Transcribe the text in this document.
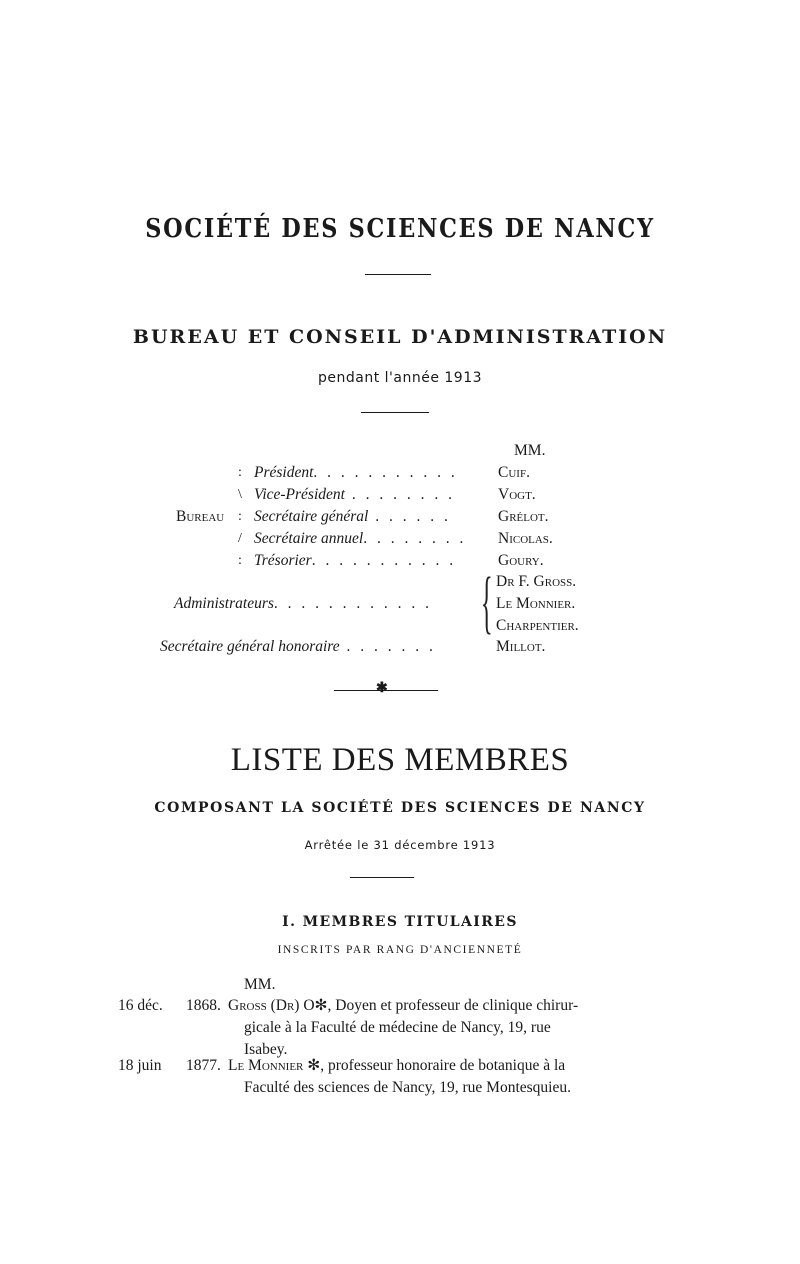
SOCIÉTÉ DES SCIENCES DE NANCY
BUREAU ET CONSEIL D'ADMINISTRATION
pendant l'année 1913
MM.
Bureau
:
\
:
/
:
Président. . . . . . . . . . .	Cuif.
Vice-Président . . . . . . . .	Vogt.
Secrétaire général . . . . . .	Grélot.
Secrétaire annuel. . . . . . . . Nicolas.
Trésorier. . . . . . . . . . .	Goury.
Administrateurs. . . . . . . . . . . . { Dr F. Gross.
Le Monnier.
Charpentier.
Secrétaire général honoraire . . . . . . .	Millot.
✱
LISTE DES MEMBRES
COMPOSANT LA SOCIÉTÉ DES SCIENCES DE NANCY
Arrêtée le 31 décembre 1913
I. MEMBRES TITULAIRES
INSCRITS PAR RANG D'ANCIENNETÉ
MM.
16 déc. 1868. Gross (Dr) O✻, Doyen et professeur de clinique chirur-
gicale à la Faculté de médecine de Nancy, 19, rue
Isabey.
18 juin 1877. Le Monnier ✻, professeur honoraire de botanique à la
Faculté des sciences de Nancy, 19, rue Montesquieu.
